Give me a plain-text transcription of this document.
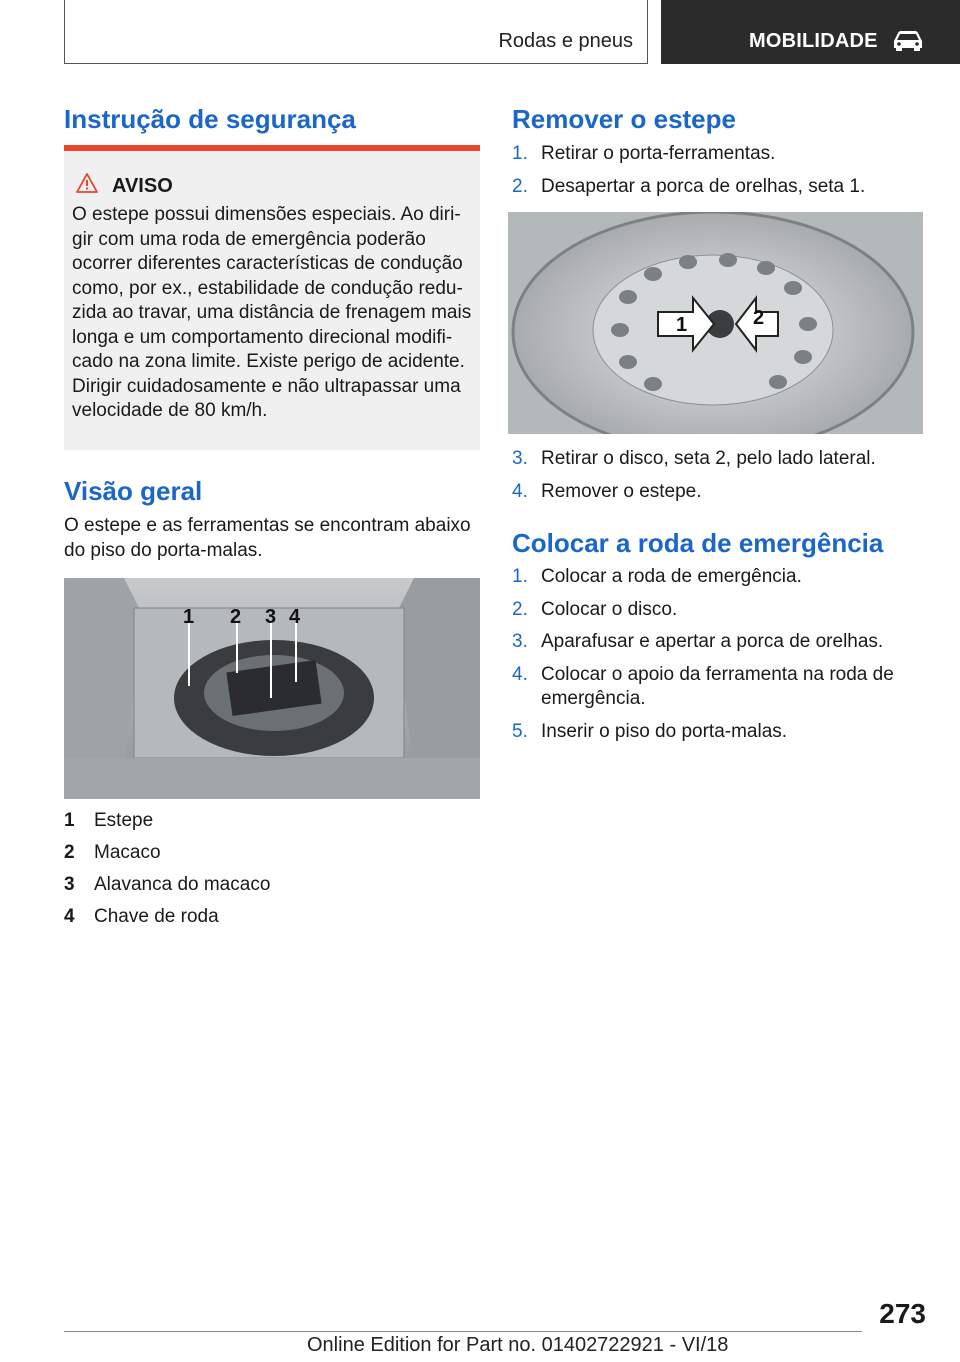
Rodas e pneus	MOBILIDADE
Instrução de segurança
AVISO
O estepe possui dimensões especiais. Ao diri-gir com uma roda de emergência poderão ocorrer diferentes características de condução como, por ex., estabilidade de condução redu-zida ao travar, uma distância de frenagem mais longa e um comportamento direcional modifi-cado na zona limite. Existe perigo de acidente. Dirigir cuidadosamente e não ultrapassar uma velocidade de 80 km/h.
Visão geral
O estepe e as ferramentas se encontram abaixo do piso do porta-malas.
1 2 3 4
1	Estepe
2	Macaco
3	Alavanca do macaco
4	Chave de roda
Remover o estepe
1. Retirar o porta-ferramentas.
2. Desapertar a porca de orelhas, seta 1.
1	2
3. Retirar o disco, seta 2, pelo lado lateral.
4. Remover o estepe.
Colocar a roda de emergência
1. Colocar a roda de emergência.
2. Colocar o disco.
3. Aparafusar e apertar a porca de orelhas.
4. Colocar o apoio da ferramenta na roda de emergência.
5. Inserir o piso do porta-malas.
273
Online Edition for Part no. 01402722921 - VI/18
